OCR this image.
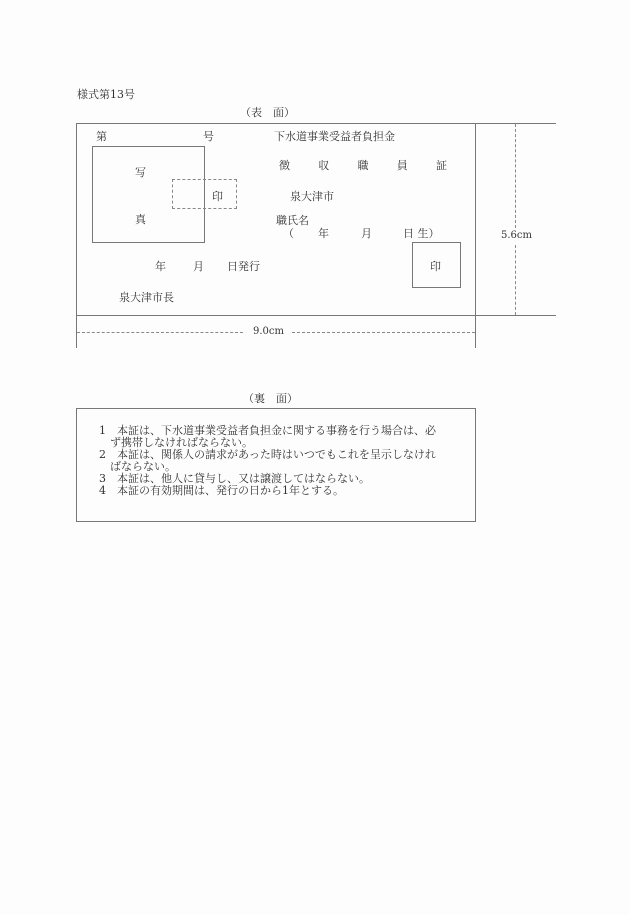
様式第13号
（表　面）
第	号
写
真
印
下水道事業受益者負担金
徴	収	職	員	証
泉大津市
職氏名
（ 年	月	日 生）
年 月 日発行	印
泉大津市長
9.0cm
5.6cm
（裏　面）
1　本証は、下水道事業受益者負担金に関する事務を行う場合は、必
　ず携帯しなければならない。
2　本証は、関係人の請求があった時はいつでもこれを呈示しなけれ
　ばならない。
3　本証は、他人に貸与し、又は譲渡してはならない。
4　本証の有効期間は、発行の日から1年とする。
